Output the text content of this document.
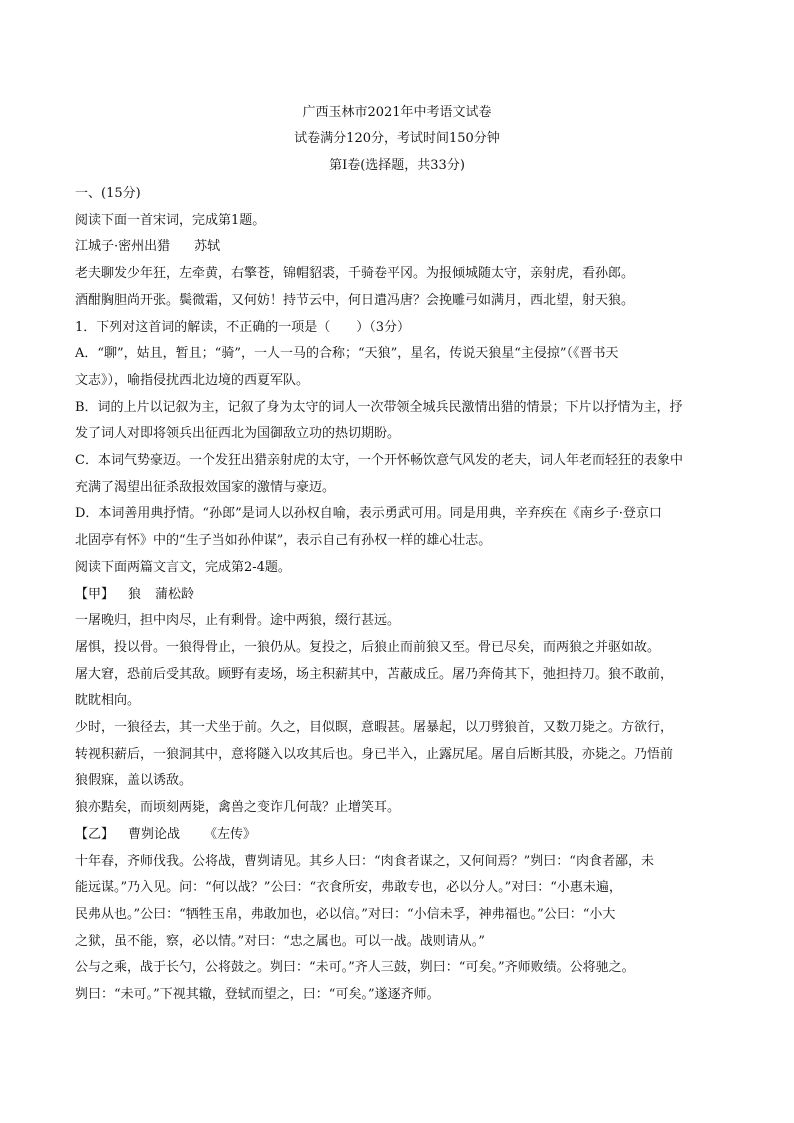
广西玉林市2021年中考语文试卷
试卷满分120分，考试时间150分钟
第Ⅰ卷(选择题，共33分)

一、(15分)

阅读下面一首宋词，完成第1题。

江城子·密州出猎 苏轼

老夫聊发少年狂，左牵黄，右擎苍，锦帽貂裘，千骑卷平冈。为报倾城随太守，亲射虎，看孙郎。

酒酣胸胆尚开张。鬓微霜，又何妨！持节云中，何日遣冯唐？会挽雕弓如满月，西北望，射天狼。

1．下列对这首词的解读，不正确的一项是（　　）（3分）

A．“聊”，姑且，暂且；“骑”，一人一马的合称；“天狼”，星名，传说天狼星“主侵掠”（《晋书天

文志》），喻指侵扰西北边境的西夏军队。

B．词的上片以记叙为主，记叙了身为太守的词人一次带领全城兵民激情出猎的情景；下片以抒情为主，抒

发了词人对即将领兵出征西北为国御敌立功的热切期盼。

C．本词气势豪迈。一个发狂出猎亲射虎的太守，一个开怀畅饮意气风发的老夫，词人年老而轻狂的表象中

充满了渴望出征杀敌报效国家的激情与豪迈。

D．本词善用典抒情。“孙郎”是词人以孙权自喻，表示勇武可用。同是用典，辛弃疾在《南乡子·登京口

北固亭有怀》中的“生子当如孙仲谋”，表示自己有孙权一样的雄心壮志。

阅读下面两篇文言文，完成第2-4题。

【甲】 狼 蒲松龄

一屠晚归，担中肉尽，止有剩骨。途中两狼，缀行甚远。

屠惧，投以骨。一狼得骨止，一狼仍从。复投之，后狼止而前狼又至。骨已尽矣，而两狼之并驱如故。

屠大窘，恐前后受其敌。顾野有麦场，场主积薪其中，苫蔽成丘。屠乃奔倚其下，弛担持刀。狼不敢前，

眈眈相向。

少时，一狼径去，其一犬坐于前。久之，目似瞑，意暇甚。屠暴起，以刀劈狼首，又数刀毙之。方欲行，

转视积薪后，一狼洞其中，意将隧入以攻其后也。身已半入，止露尻尾。屠自后断其股，亦毙之。乃悟前

狼假寐，盖以诱敌。

狼亦黠矣，而顷刻两毙，禽兽之变诈几何哉？止增笑耳。

【乙】 曹刿论战 《左传》

十年春，齐师伐我。公将战，曹刿请见。其乡人曰：“肉食者谋之，又何间焉？”刿曰：“肉食者鄙，未

能远谋。”乃入见。问：“何以战？”公曰：“衣食所安，弗敢专也，必以分人。”对曰：“小惠未遍，

民弗从也。”公曰：“牺牲玉帛，弗敢加也，必以信。”对曰：“小信未孚，神弗福也。”公曰：“小大

之狱，虽不能，察，必以情。”对曰：“忠之属也。可以一战。战则请从。”

公与之乘，战于长勺，公将鼓之。刿曰：“未可。”齐人三鼓，刿曰：“可矣。”齐师败绩。公将驰之。

刿曰：“未可。”下视其辙，登轼而望之，曰：“可矣。”遂逐齐师。
